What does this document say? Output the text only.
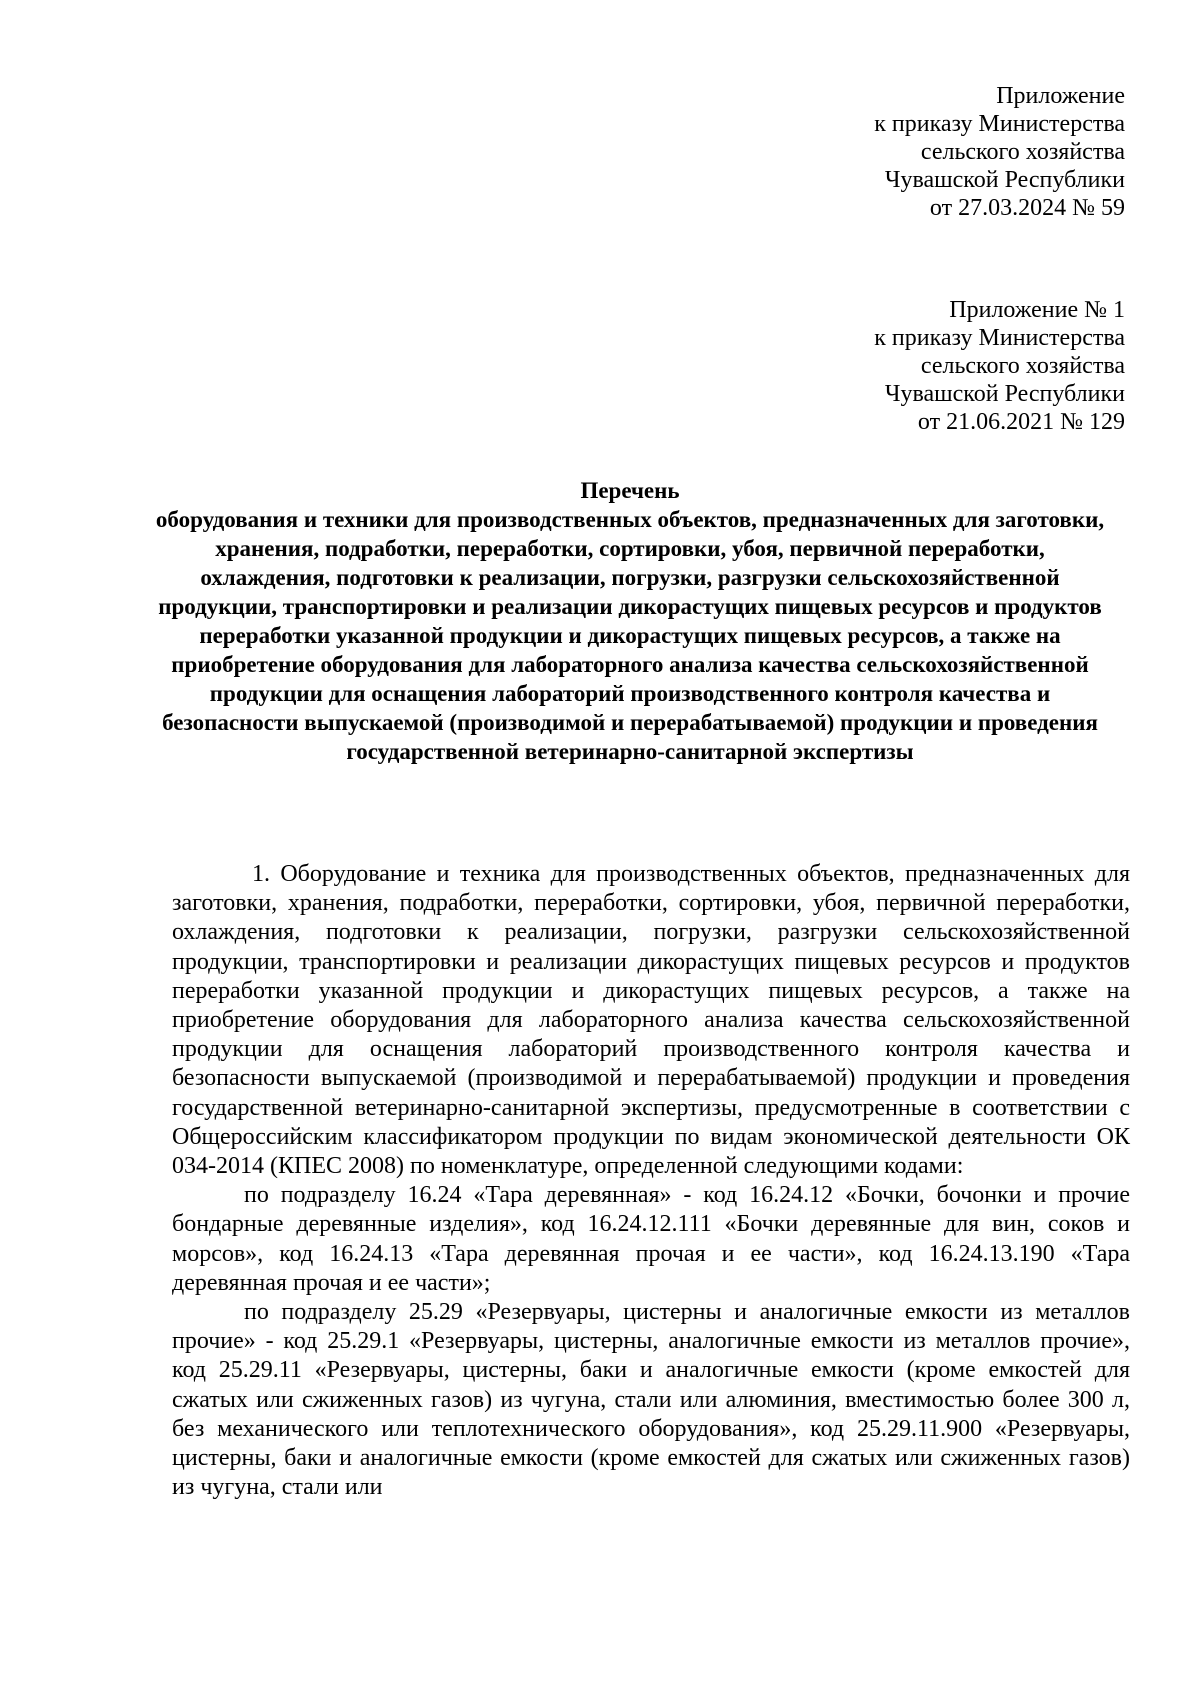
Приложение
к приказу Министерства
сельского хозяйства
Чувашской Республики
от 27.03.2024 № 59
Приложение № 1
к приказу Министерства
сельского хозяйства
Чувашской Республики
от 21.06.2021 № 129
Перечень
оборудования и техники для производственных объектов, предназначенных для заготовки, хранения, подработки, переработки, сортировки, убоя, первичной переработки, охлаждения, подготовки к реализации, погрузки, разгрузки сельскохозяйственной продукции, транспортировки и реализации дикорастущих пищевых ресурсов и продуктов переработки указанной продукции и дикорастущих пищевых ресурсов, а также на приобретение оборудования для лабораторного анализа качества сельскохозяйственной продукции для оснащения лабораторий производственного контроля качества и безопасности выпускаемой (производимой и перерабатываемой) продукции и проведения государственной ветеринарно-санитарной экспертизы

1. Оборудование и техника для производственных объектов, предназначенных для заготовки, хранения, подработки, переработки, сортировки, убоя, первичной переработки, охлаждения, подготовки к реализации, погрузки, разгрузки сельскохозяйственной продукции, транспортировки и реализации дикорастущих пищевых ресурсов и продуктов переработки указанной продукции и дикорастущих пищевых ресурсов, а также на приобретение оборудования для лабораторного анализа качества сельскохозяйственной продукции для оснащения лабораторий производственного контроля качества и безопасности выпускаемой (производимой и перерабатываемой) продукции и проведения государственной ветеринарно-санитарной экспертизы, предусмотренные в соответствии с Общероссийским классификатором продукции по видам экономической деятельности ОК 034-2014 (КПЕС 2008) по номенклатуре, определенной следующими кодами:

по подразделу 16.24 «Тара деревянная» - код 16.24.12 «Бочки, бочонки и прочие бондарные деревянные изделия», код 16.24.12.111 «Бочки деревянные для вин, соков и морсов», код 16.24.13 «Тара деревянная прочая и ее части», код 16.24.13.190 «Тара деревянная прочая и ее части»;

по подразделу 25.29 «Резервуары, цистерны и аналогичные емкости из металлов прочие» - код 25.29.1 «Резервуары, цистерны, аналогичные емкости из металлов прочие», код 25.29.11 «Резервуары, цистерны, баки и аналогичные емкости (кроме емкостей для сжатых или сжиженных газов) из чугуна, стали или алюминия, вместимостью более 300 л, без механического или теплотехнического оборудования», код 25.29.11.900 «Резервуары, цистерны, баки и аналогичные емкости (кроме емкостей для сжатых или сжиженных газов) из чугуна, стали или
